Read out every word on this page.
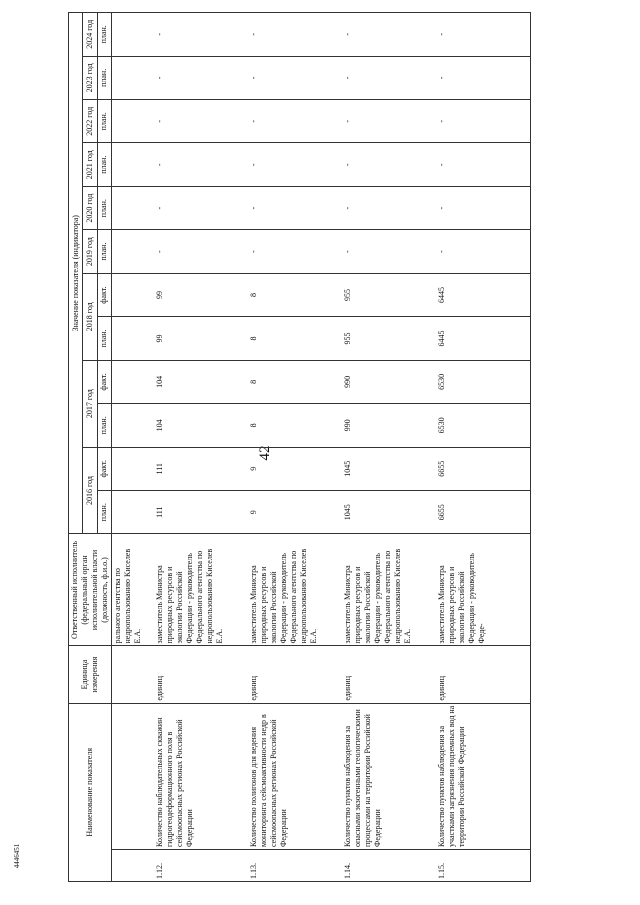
42
4446451
Наименование показателя		Единица измерения	Ответственный исполнитель (федеральный орган исполнительной власти (должность, ф.и.о.)	Значение показателя (индикатора)											
				2016 год		2017 год		2018 год		2019 год	2020 год	2021 год	2022 год	2023 год	2024 год
				план.	факт.	план.	факт.	план.	факт.	план.	план.	план.	план.	план.	план.
			рального агентства по недропользованию Киселев Е.А.												
1.12.	Количество наблюдательных скважин гидрогеодеформационного поля в сейсмоопасных регионах Российской Федерации	единиц	заместитель Министра природных ресурсов и экологии Российской Федерации - руководитель Федерального агентства по недропользованию Киселев Е.А.	111	111	104	104	99	99	-	-	-	-	-	-
1.13.	Количество полигонов для ведения мониторинга сейсмоактивности недр в сейсмоопасных регионах Российской Федерации	единиц	заместитель Министра природных ресурсов и экологии Российской Федерации - руководитель Федерального агентства по недропользованию Киселев Е.А.	9	9	8	8	8	8	-	-	-	-	-	-
1.14.	Количество пунктов наблюдения за опасными экзогенными геологическими процессами на территории Российской Федерации	единиц	заместитель Министра природных ресурсов и экологии Российской Федерации - руководитель Федерального агентства по недропользованию Киселев Е.А.	1045	1045	990	990	955	955	-	-	-	-	-	-
1.15.	Количество пунктов наблюдения за участками загрязнения подземных вод на территории Российской Федерации	единиц	заместитель Министра природных ресурсов и экологии Российской Федерации - руководитель Феде-	6655	6655	6530	6530	6445	6445	-	-	-	-	-	-
